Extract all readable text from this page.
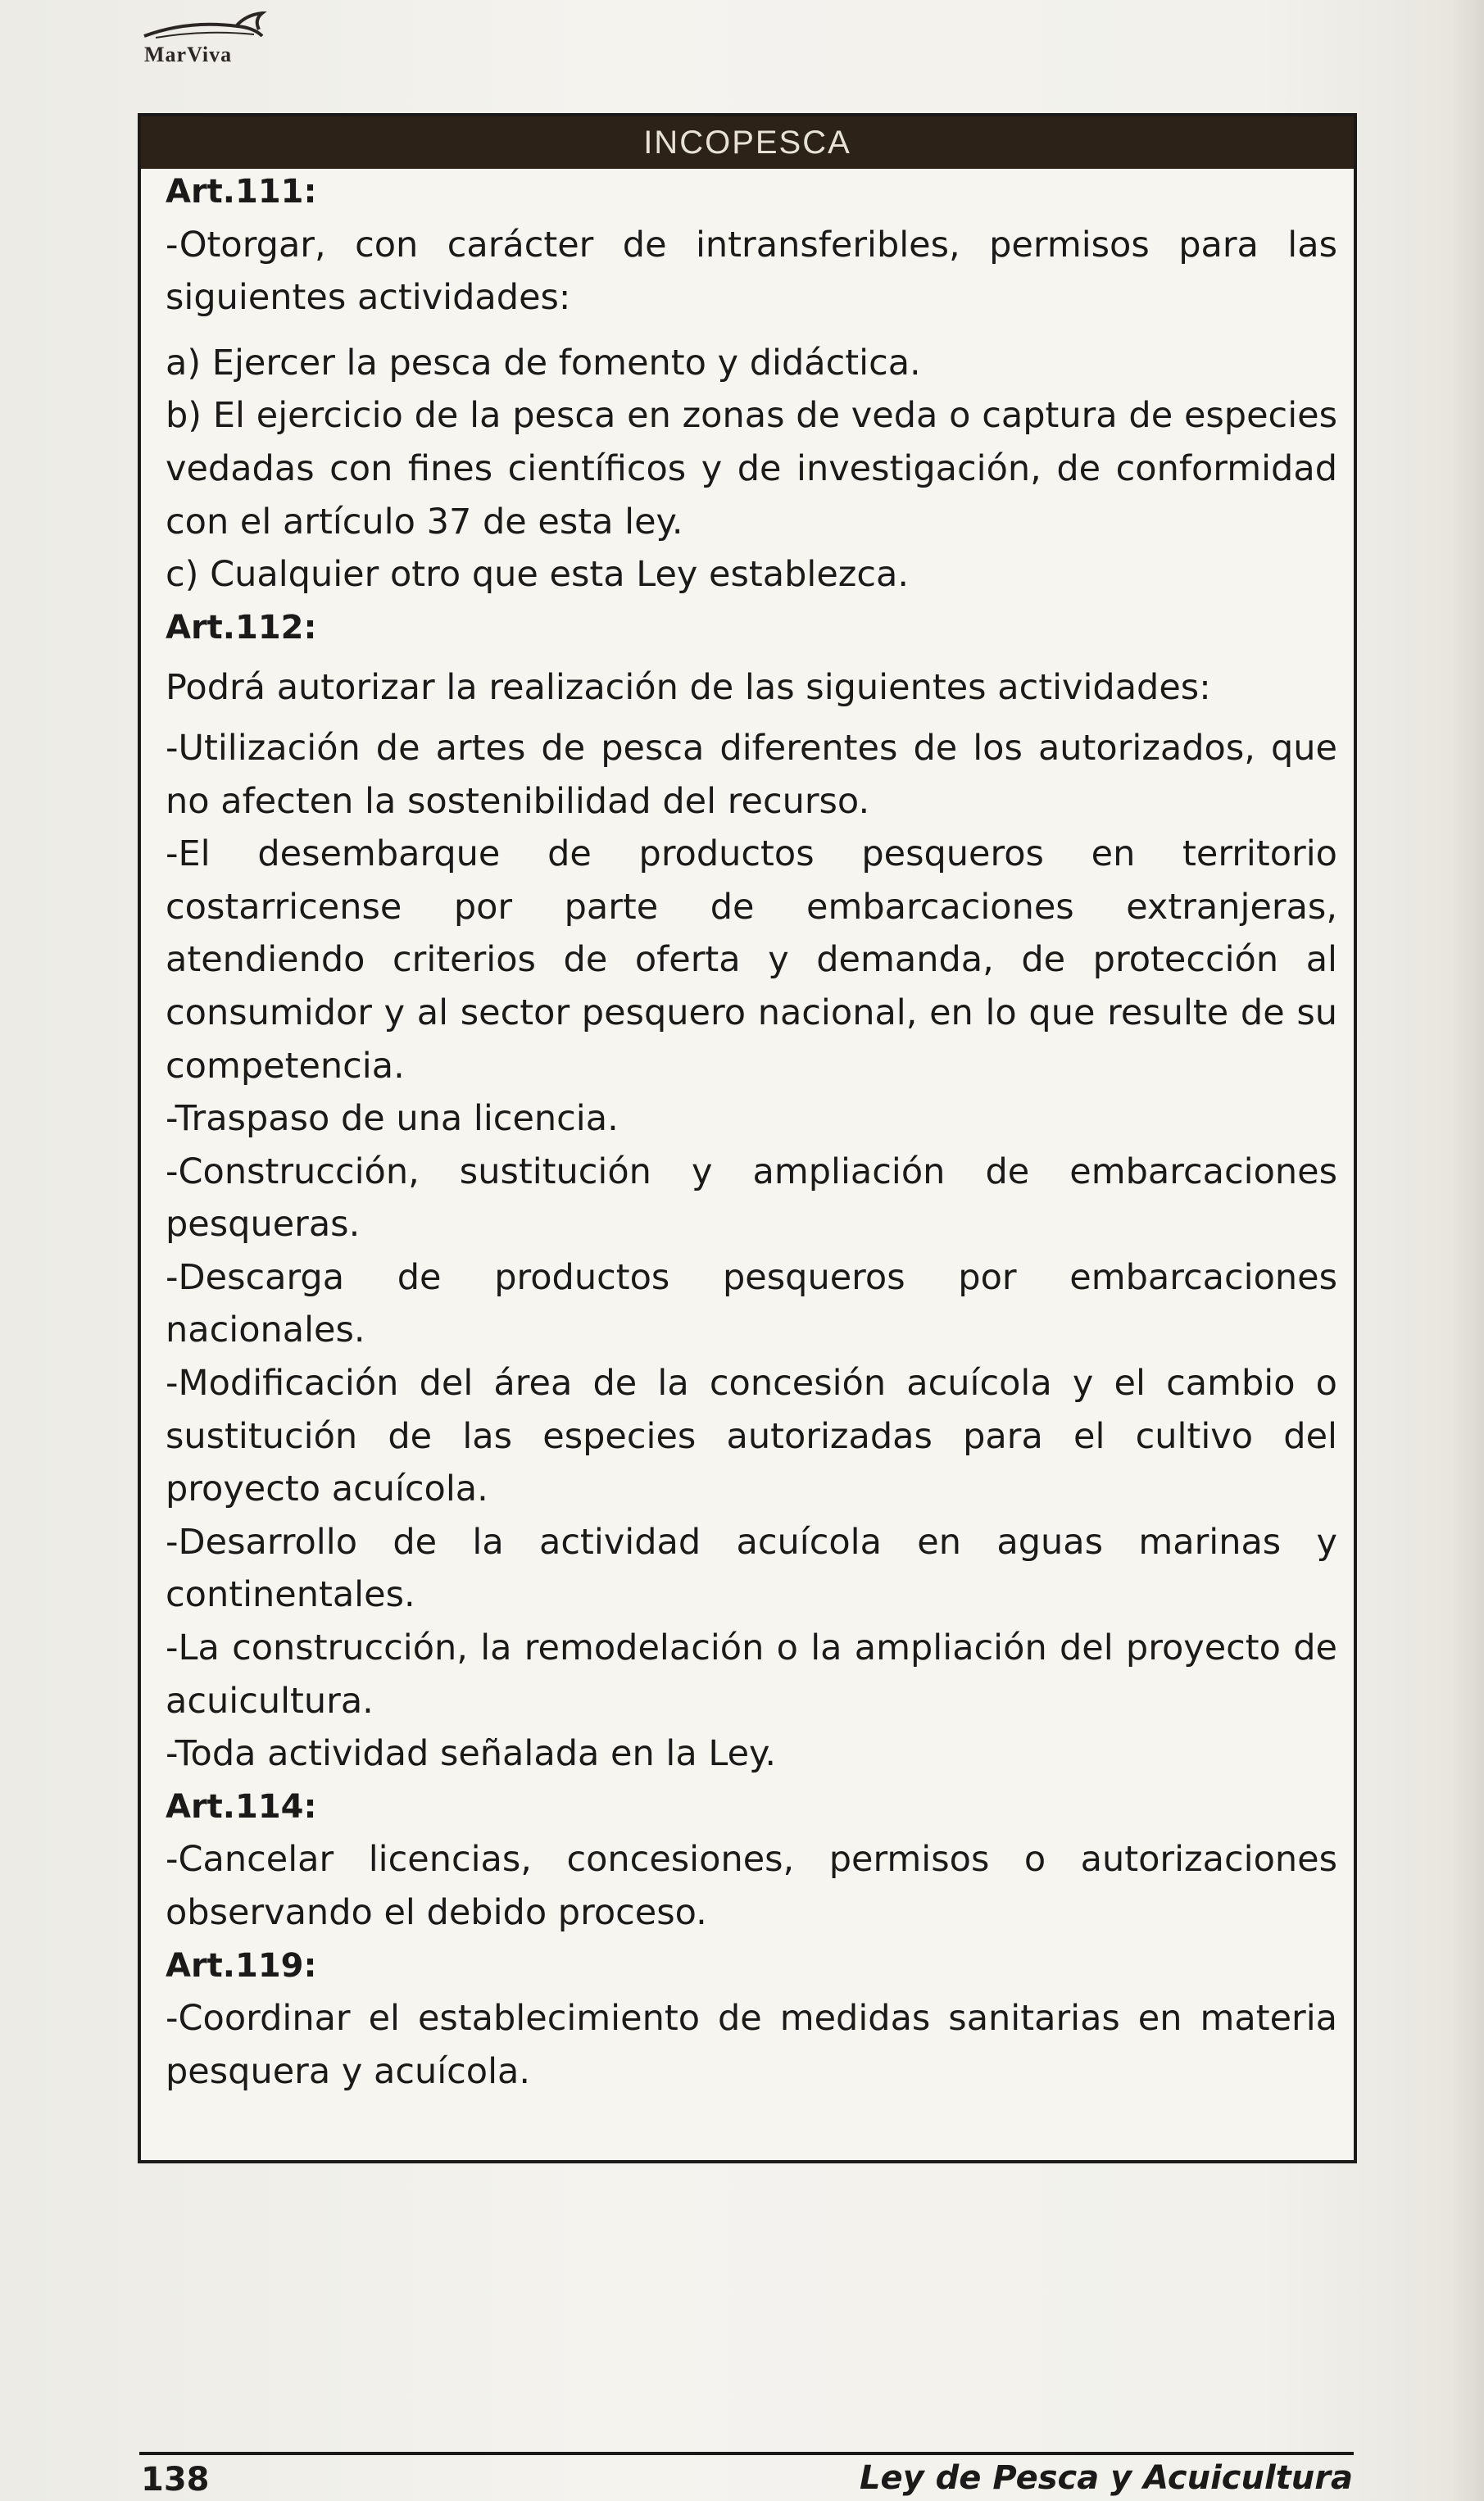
MarViva
INCOPESCA

Art.111:

-Otorgar, con carácter de intransferibles, permisos para las siguientes actividades:

a) Ejercer la pesca de fomento y didáctica.

b) El ejercicio de la pesca en zonas de veda o captura de especies vedadas con fines científicos y de investigación, de conformidad con el artículo 37 de esta ley.

c) Cualquier otro que esta Ley establezca.

Art.112:

Podrá autorizar la realización de las siguientes actividades:

-Utilización de artes de pesca diferentes de los autorizados, que no afecten la sostenibilidad del recurso.

-El desembarque de productos pesqueros en territorio costarricense por parte de embarcaciones extranjeras, atendiendo criterios de oferta y demanda, de protección al consumidor y al sector pesquero nacional, en lo que resulte de su competencia.

-Traspaso de una licencia.

-Construcción, sustitución y ampliación de embarcaciones pesqueras.

-Descarga de productos pesqueros por embarcaciones nacionales.

-Modificación del área de la concesión acuícola y el cambio o sustitución de las especies autorizadas para el cultivo del proyecto acuícola.

-Desarrollo de la actividad acuícola en aguas marinas y continentales.

-La construcción, la remodelación o la ampliación del proyecto de acuicultura.

-Toda actividad señalada en la Ley.

Art.114:

-Cancelar licencias, concesiones, permisos o autorizaciones observando el debido proceso.

Art.119:

-Coordinar el establecimiento de medidas sanitarias en materia pesquera y acuícola.

138	Ley de Pesca y Acuicultura
